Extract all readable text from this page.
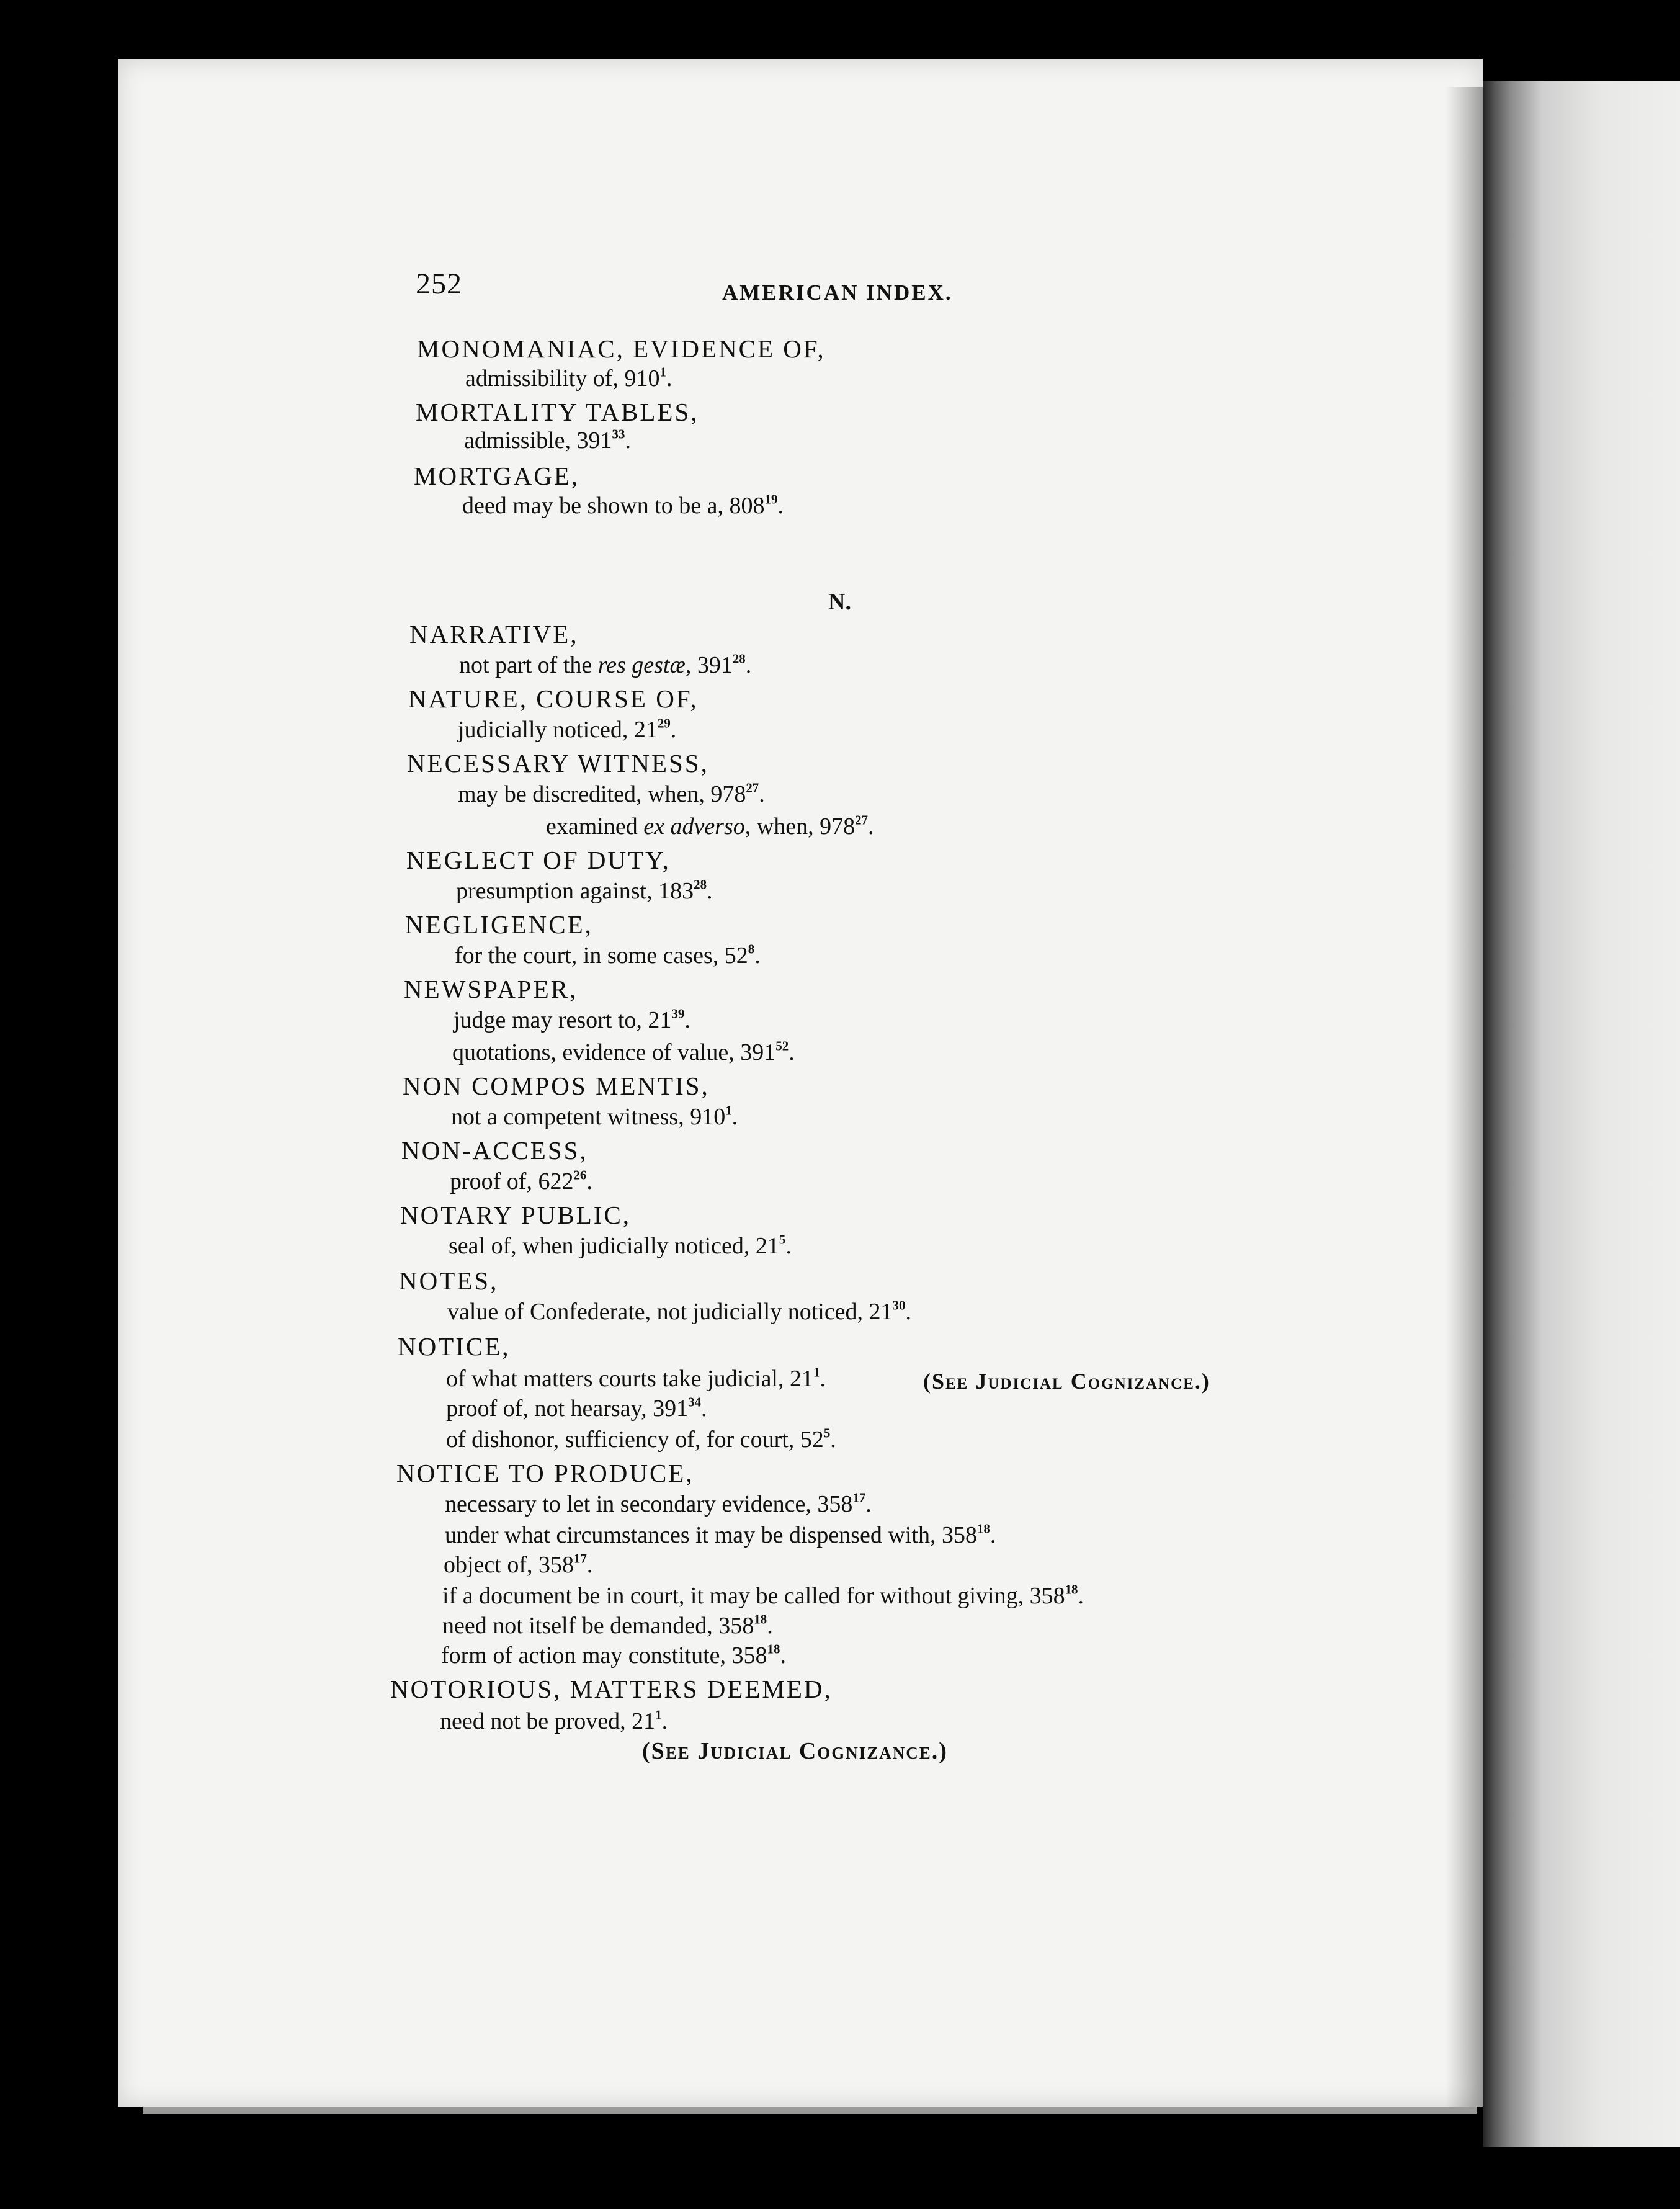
252	AMERICAN INDEX.
MONOMANIAC, EVIDENCE OF,
admissibility of, $910^1$.
MORTALITY TABLES,
admissible, $391^{33}$.
MORTGAGE,
deed may be shown to be a, $808^{19}$.
N.
NARRATIVE,
not part of the res gestæ, $391^{28}$.
NATURE, COURSE OF,
judicially noticed, $21^{29}$.
NECESSARY WITNESS,
may be discredited, when, $978^{27}$.
examined ex adverso, when, $978^{27}$.
NEGLECT OF DUTY,
presumption against, $183^{28}$.
NEGLIGENCE,
for the court, in some cases, $52^8$.
NEWSPAPER,
judge may resort to, $21^{39}$.
quotations, evidence of value, $391^{52}$.
NON COMPOS MENTIS,
not a competent witness, $910^1$.
NON-ACCESS,
proof of, $622^{26}$.
NOTARY PUBLIC,
seal of, when judicially noticed, $21^5$.
NOTES,
value of Confederate, not judicially noticed, $21^{30}$.
NOTICE,
of what matters courts take judicial, $21^1$.	(See Judicial Cognizance.)
proof of, not hearsay, $391^{34}$.
of dishonor, sufficiency of, for court, $52^5$.
NOTICE TO PRODUCE,
necessary to let in secondary evidence, $358^{17}$.
under what circumstances it may be dispensed with, $358^{18}$.
object of, $358^{17}$.
if a document be in court, it may be called for without giving, $358^{18}$.
need not itself be demanded, $358^{18}$.
form of action may constitute, $358^{18}$.
NOTORIOUS, MATTERS DEEMED,
need not be proved, $21^1$.
(See Judicial Cognizance.)
